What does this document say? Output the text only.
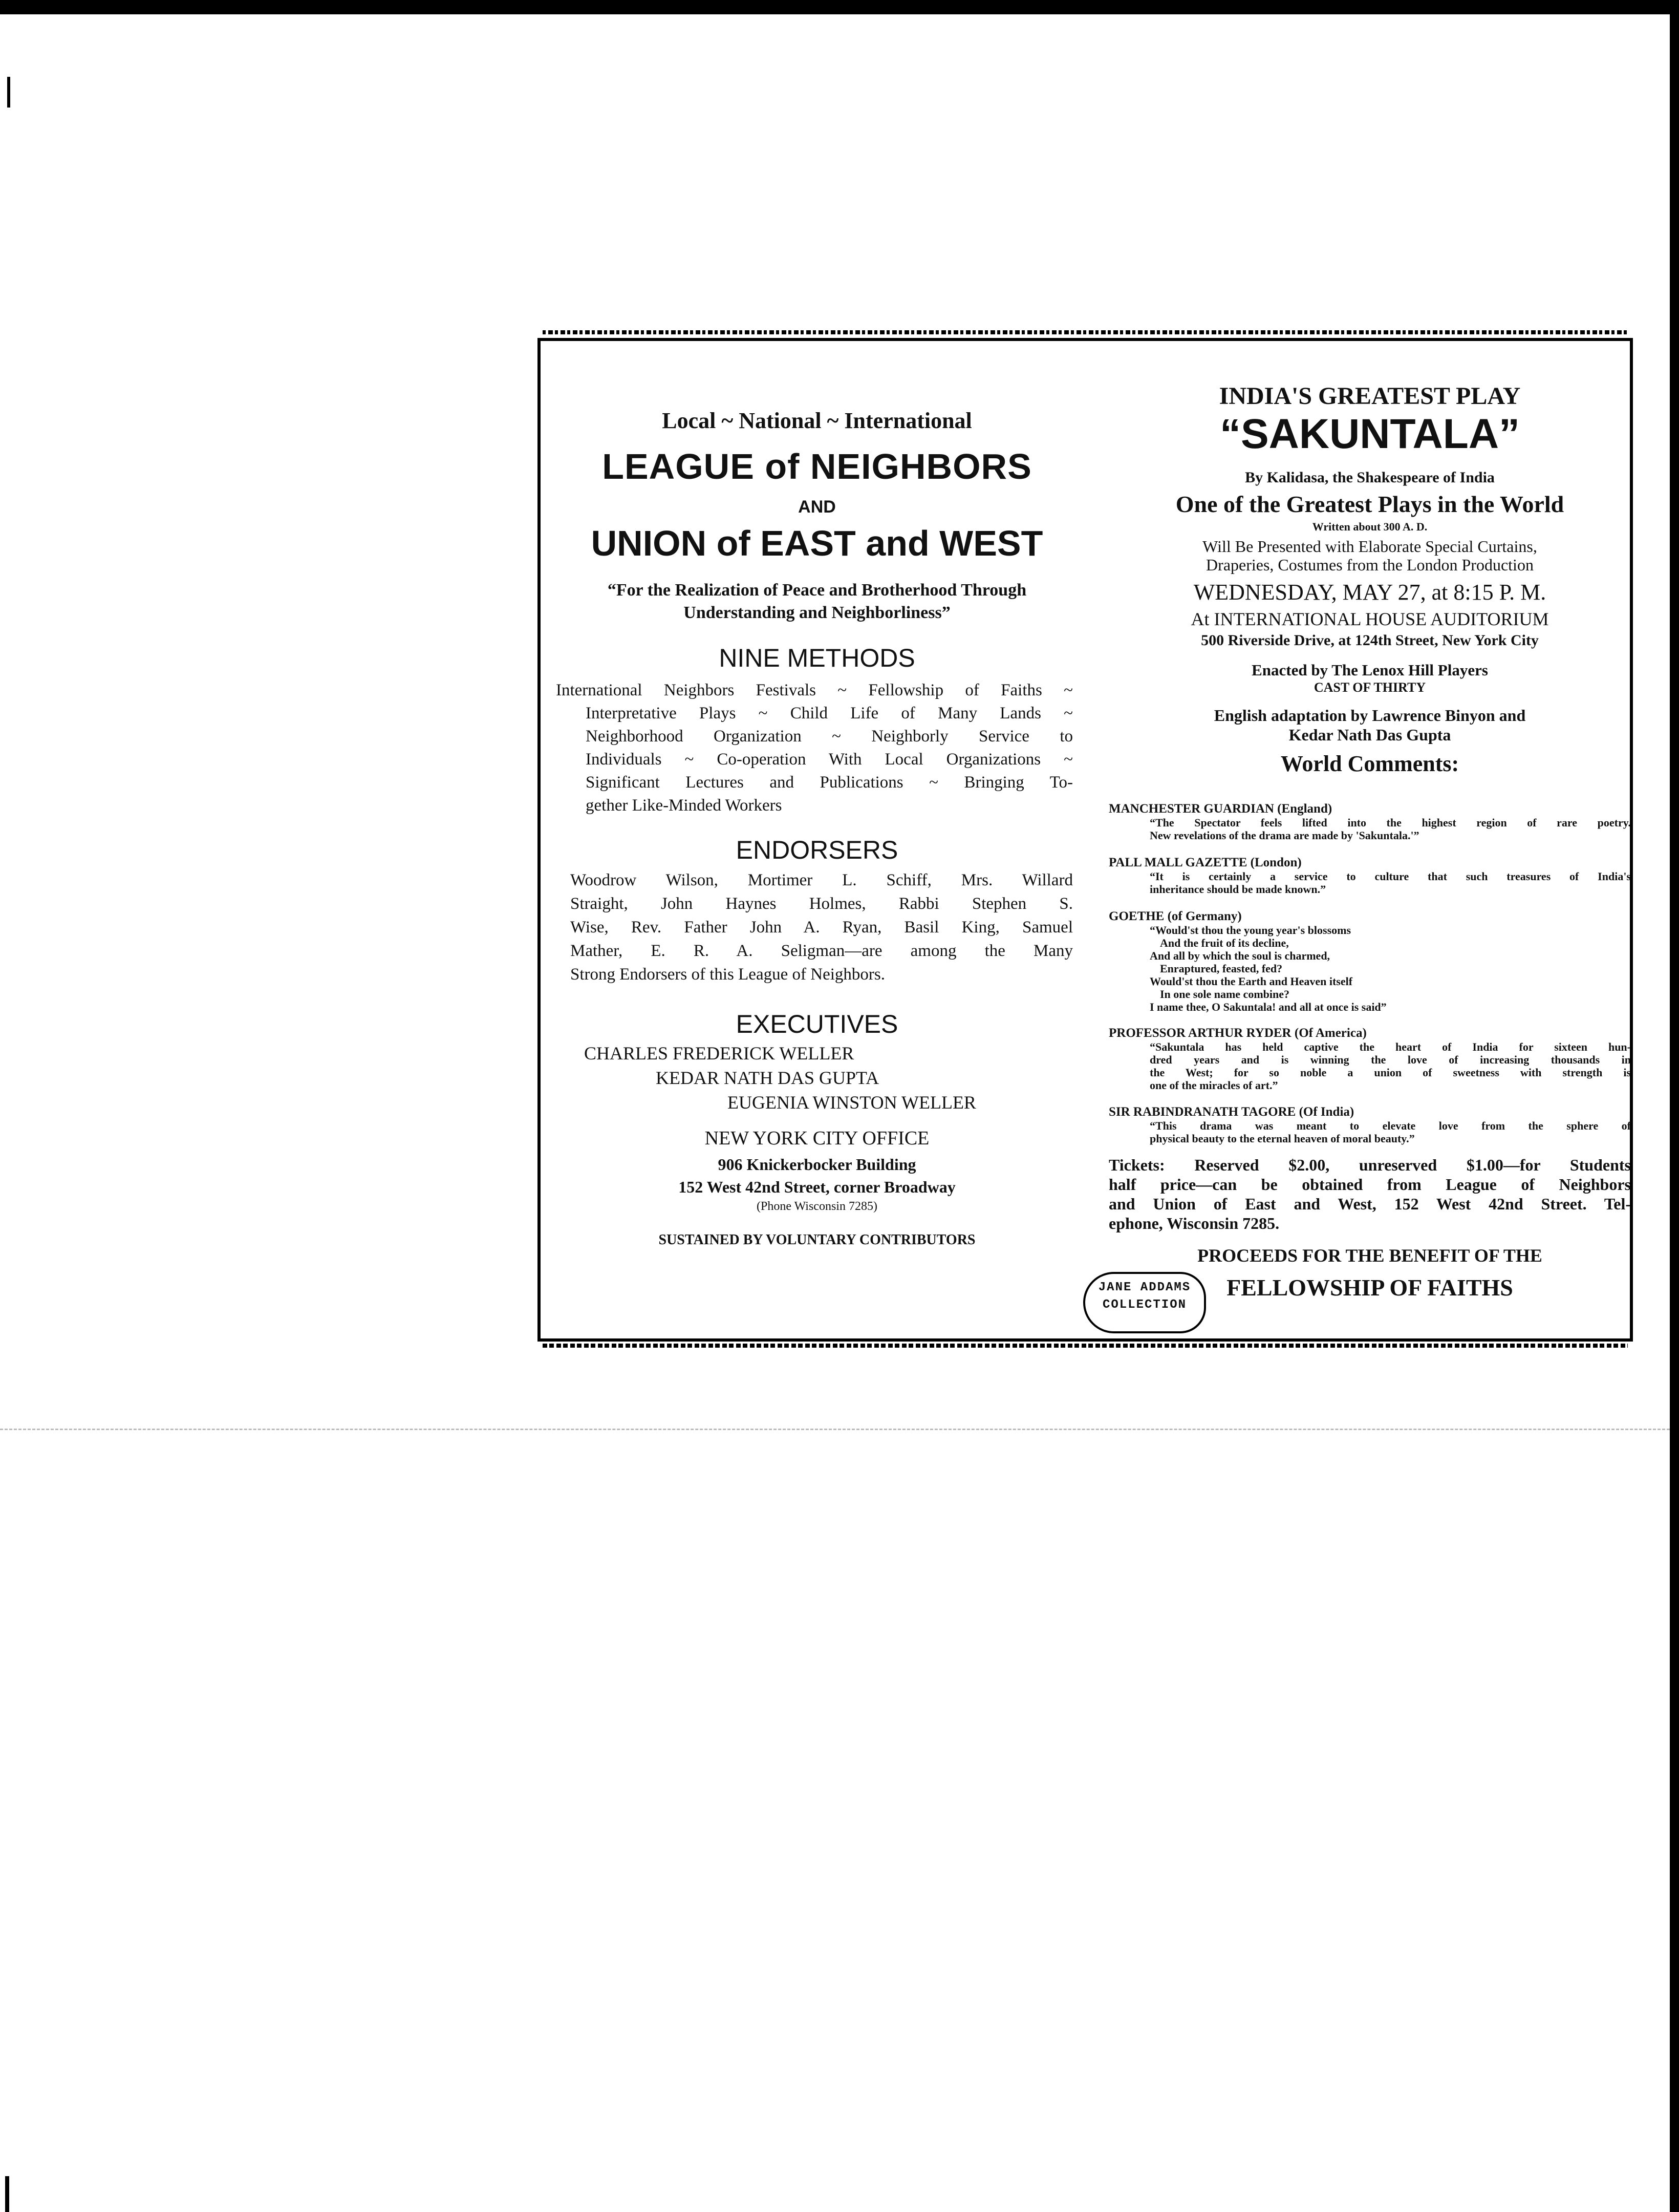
Local ~ National ~ International
LEAGUE of NEIGHBORS
AND
UNION of EAST and WEST
“For the Realization of Peace and Brotherhood Through
Understanding and Neighborliness”
NINE METHODS
International Neighbors Festivals ~ Fellowship of Faiths ~
Interpretative Plays ~ Child Life of Many Lands ~
Neighborhood Organization ~ Neighborly Service to
Individuals ~ Co-operation With Local Organizations ~
Significant Lectures and Publications ~ Bringing To-
gether Like-Minded Workers
ENDORSERS
Woodrow Wilson, Mortimer L. Schiff, Mrs. Willard
Straight, John Haynes Holmes, Rabbi Stephen S.
Wise, Rev. Father John A. Ryan, Basil King, Samuel
Mather, E. R. A. Seligman—are among the Many
Strong Endorsers of this League of Neighbors.
EXECUTIVES
CHARLES FREDERICK WELLER
KEDAR NATH DAS GUPTA
EUGENIA WINSTON WELLER
NEW YORK CITY OFFICE
906 Knickerbocker Building
152 West 42nd Street, corner Broadway
(Phone Wisconsin 7285)
SUSTAINED BY VOLUNTARY CONTRIBUTORS
INDIA'S GREATEST PLAY
“SAKUNTALA”
By Kalidasa, the Shakespeare of India
One of the Greatest Plays in the World
Written about 300 A. D.
Will Be Presented with Elaborate Special Curtains,
Draperies, Costumes from the London Production
WEDNESDAY, MAY 27, at 8:15 P. M.
At INTERNATIONAL HOUSE AUDITORIUM
500 Riverside Drive, at 124th Street, New York City
Enacted by The Lenox Hill Players
CAST OF THIRTY
English adaptation by Lawrence Binyon and
Kedar Nath Das Gupta
World Comments:
MANCHESTER GUARDIAN (England)
“The Spectator feels lifted into the highest region of rare poetry.
New revelations of the drama are made by 'Sakuntala.'”
PALL MALL GAZETTE (London)
“It is certainly a service to culture that such treasures of India's
inheritance should be made known.”
GOETHE (of Germany)
“Would'st thou the young year's blossoms
And the fruit of its decline,
And all by which the soul is charmed,
Enraptured, feasted, fed?
Would'st thou the Earth and Heaven itself
In one sole name combine?
I name thee, O Sakuntala! and all at once is said”
PROFESSOR ARTHUR RYDER (Of America)
“Sakuntala has held captive the heart of India for sixteen hun-
dred years and is winning the love of increasing thousands in
the West; for so noble a union of sweetness with strength is
one of the miracles of art.”
SIR RABINDRANATH TAGORE (Of India)
“This drama was meant to elevate love from the sphere of
physical beauty to the eternal heaven of moral beauty.”
Tickets: Reserved $2.00, unreserved $1.00—for Students
half price—can be obtained from League of Neighbors
and Union of East and West, 152 West 42nd Street. Tel-
ephone, Wisconsin 7285.
PROCEEDS FOR THE BENEFIT OF THE
FELLOWSHIP OF FAITHS
JANE ADDAMS
COLLECTION
